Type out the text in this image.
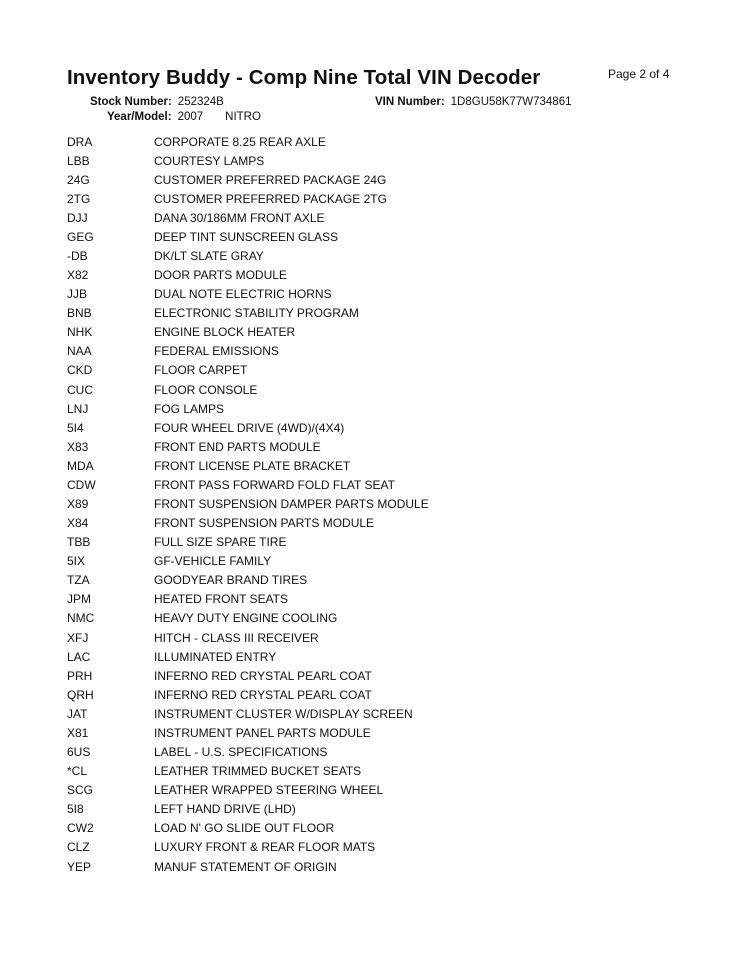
Inventory Buddy - Comp Nine Total VIN Decoder	Page 2 of 4
Stock Number: 252324B	VIN Number: 1D8GU58K77W734861
Year/Model: 2007 NITRO
DRA	CORPORATE 8.25 REAR AXLE
LBB	COURTESY LAMPS
24G	CUSTOMER PREFERRED PACKAGE 24G
2TG	CUSTOMER PREFERRED PACKAGE 2TG
DJJ	DANA 30/186MM FRONT AXLE
GEG	DEEP TINT SUNSCREEN GLASS
-DB	DK/LT SLATE GRAY
X82	DOOR PARTS MODULE
JJB	DUAL NOTE ELECTRIC HORNS
BNB	ELECTRONIC STABILITY PROGRAM
NHK	ENGINE BLOCK HEATER
NAA	FEDERAL EMISSIONS
CKD	FLOOR CARPET
CUC	FLOOR CONSOLE
LNJ	FOG LAMPS
5I4	FOUR WHEEL DRIVE (4WD)/(4X4)
X83	FRONT END PARTS MODULE
MDA	FRONT LICENSE PLATE BRACKET
CDW	FRONT PASS FORWARD FOLD FLAT SEAT
X89	FRONT SUSPENSION DAMPER PARTS MODULE
X84	FRONT SUSPENSION PARTS MODULE
TBB	FULL SIZE SPARE TIRE
5IX	GF-VEHICLE FAMILY
TZA	GOODYEAR BRAND TIRES
JPM	HEATED FRONT SEATS
NMC	HEAVY DUTY ENGINE COOLING
XFJ	HITCH - CLASS III RECEIVER
LAC	ILLUMINATED ENTRY
PRH	INFERNO RED CRYSTAL PEARL COAT
QRH	INFERNO RED CRYSTAL PEARL COAT
JAT	INSTRUMENT CLUSTER W/DISPLAY SCREEN
X81	INSTRUMENT PANEL PARTS MODULE
6US	LABEL - U.S. SPECIFICATIONS
*CL	LEATHER TRIMMED BUCKET SEATS
SCG	LEATHER WRAPPED STEERING WHEEL
5I8	LEFT HAND DRIVE (LHD)
CW2	LOAD N' GO SLIDE OUT FLOOR
CLZ	LUXURY FRONT & REAR FLOOR MATS
YEP	MANUF STATEMENT OF ORIGIN
